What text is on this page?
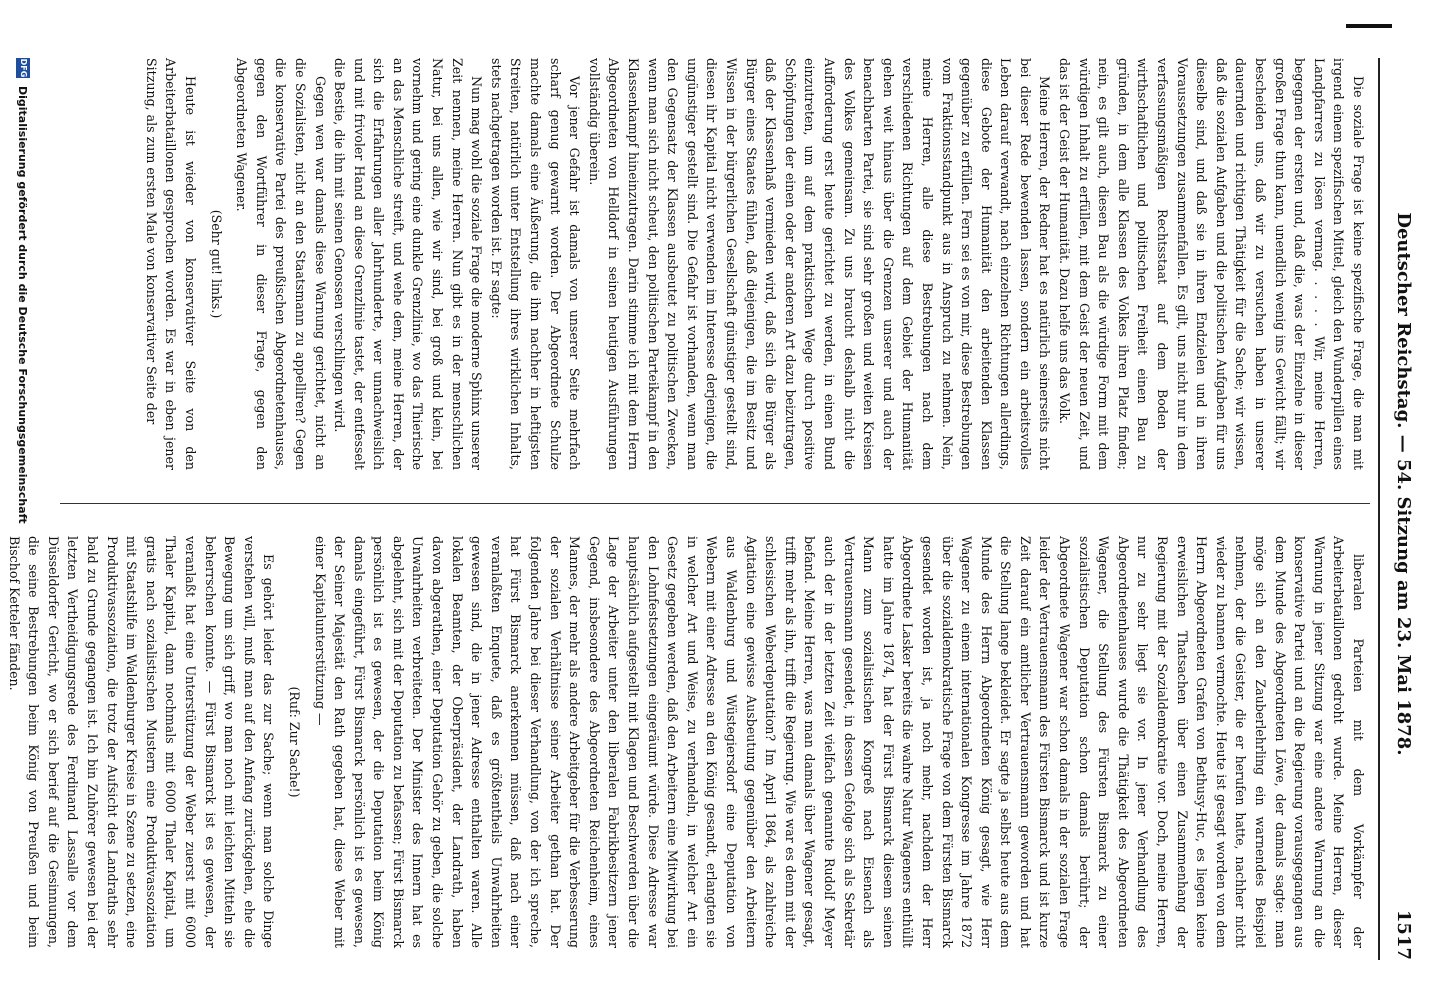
Deutscher Reichstag. — 54. Sitzung am 23. Mai 1878.
1517

Die soziale Frage ist keine spezifische Frage, die man mit irgend einem spezifischen Mittel, gleich den Wunderpillen eines Landpfarrers zu lösen vermag. . . . . Wir, meine Herren, begegnen der ersten und, daß die, was der Einzelne in dieser großen Frage thun kann, unendlich wenig ins Gewicht fällt; wir bescheiden uns, daß wir zu versuchen haben in unserer dauernden und richtigen Thätigkeit für die Sache; wir wissen, daß die sozialen Aufgaben und die politischen Aufgaben für uns dieselbe sind, und daß sie in ihren Endzielen und in ihren Voraussetzungen zusammenfallen. Es gilt, uns nicht nur in dem verfassungsmäßigen Rechtsstaat auf dem Boden der wirthschaftlichen und politischen Freiheit einen Bau zu gründen, in dem alle Klassen des Volkes ihren Platz finden; nein, es gilt auch, diesen Bau als die würdige Form mit dem würdigen Inhalt zu erfüllen, mit dem Geist der neuen Zeit, und das ist der Geist der Humanität. Dazu helfe uns das Volk.

Meine Herren, der Redner hat es natürlich seinerseits nicht bei dieser Rede bewenden lassen, sondern ein arbeitsvolles Leben darauf verwandt, nach einzelnen Richtungen allerdings, diese Gebote der Humanität den arbeitenden Klassen gegenüber zu erfüllen. Fern sei es von mir, diese Bestrebungen vom Fraktionsstandpunkt aus in Anspruch zu nehmen. Nein, meine Herren, alle diese Bestrebungen nach dem verschiedenen Richtungen auf dem Gebiet der Humanität gehen weit hinaus über die Grenzen unserer und auch der benachbarten Partei, sie sind sehr großen und weiten Kreisen des Volkes gemeinsam. Zu uns braucht deshalb nicht die Aufforderung erst heute gerichtet zu werden, in einen Bund einzutreten, um auf dem praktischen Wege durch positive Schöpfungen der einen oder der anderen Art dazu beizutragen, daß der Klassenhaß vermieden wird, daß sich die Bürger als Bürger eines Staates fühlen, daß diejenigen, die im Besitz und Wissen in der bürgerlichen Gesellschaft günstiger gestellt sind, diesen ihr Kapital nicht verwenden im Interesse derjenigen, die ungünstiger gestellt sind. Die Gefahr ist vorhanden, wenn man den Gegensatz der Klassen ausbeutet zu politischen Zwecken, wenn man sich nicht scheut, den politischen Parteikampf in den Klassenkampf hineinzutragen. Darin stimme ich mit dem Herrn Abgeordneten von Helldorf in seinen heutigen Ausführungen vollständig überein.

Vor jener Gefahr ist damals von unserer Seite mehrfach scharf genug gewarnt worden. Der Abgeordnete Schulze machte damals eine Äußerung, die ihm nachher in heftigsten Streiten, natürlich unter Entstellung ihres wirklichen Inhalts, stets nachgetragen worden ist. Er sagte:

Nun mag wohl die soziale Frage die moderne Sphinx unserer Zeit nennen, meine Herren. Nun gibt es in der menschlichen Natur, bei uns allen, wie wir sind, bei groß und klein, bei vornehm und gering eine dunkle Grenzlinie, wo das Thierische an das Menschliche streift, und wehe dem, meine Herren, der sich die Erfahrungen aller Jahrhunderte, wer unnachweislich und mit frivoler Hand an diese Grenzlinie tastet, der entfesselt die Bestie, die ihn mit seinen Genossen verschlingen wird.

Gegen wen war damals diese Warnung gerichtet, nicht an die Sozialisten, nicht an den Staatsmann zu appelliren? Gegen die konservative Partei des preußischen Abgeordnetenhauses, gegen den Wortführer in dieser Frage, gegen den Abgeordneten Wagener.

(Sehr gut! links.)

Heute ist wieder von konservativer Seite von den Arbeiterbataillonen gesprochen worden. Es war in eben jener Sitzung, als zum ersten Male von konservativer Seite der

liberalen Parteien mit dem Vorkämpfer der Arbeiterbataillonen gedroht wurde. Meine Herren, dieser Warnung in jener Sitzung war eine andere Warnung an die konservative Partei und an die Regierung vorausgegangen aus dem Munde des Abgeordneten Löwe, der damals sagte: man möge sich an den Zauberlehrling ein warnendes Beispiel nehmen, der die Geister, die er herufen hatte, nachher nicht wieder zu bannen vermochte. Heute ist gesagt worden von dem Herrn Abgeordneten Grafen von Bethusy-Huc, es liegen keine erweislichen Thatsachen über einen Zusammenhang der Regierung mit der Sozialdemokratie vor. Doch, meine Herren, nur zu sehr liegt sie vor. In jener Verhandlung des Abgeordnetenhauses wurde die Thätigkeit des Abgeordneten Wagener, die Stellung des Fürsten Bismarck zu einer sozialistischen Deputation schon damals berührt; der Abgeordnete Wagener war schon damals in der sozialen Frage leider der Vertrauensmann des Fürsten Bismarck und ist kurze Zeit darauf ein amtlicher Vertrauensmann geworden und hat die Stellung lange bekleidet. Er sagte ja selbst heute aus dem Munde des Herrn Abgeordneten König gesagt, wie Herr Wagener zu einem internationalen Kongresse im Jahre 1872 über die sozialdemokratische Frage von dem Fürsten Bismarck gesendet worden ist, ja noch mehr, nachdem der Herr Abgeordnete Lasker bereits die wahre Natur Wageners enthüllt hatte im Jahre 1874, hat der Fürst Bismarck diesem seinen Mann zum sozialistischen Kongreß nach Eisenach als Vertrauensmann gesendet, in dessen Gefolge sich als Sekretär auch der in der letzten Zeit vielfach genannte Rudolf Meyer befand. Meine Herren, was man damals über Wagener gesagt, trifft mehr als ihn, trifft die Regierung. Wie war es denn mit der schlesischen Weberdeputation? Im April 1864, als zahlreiche Agitation eine gewisse Ausbeutung gegenüber den Arbeitern aus Waldenburg und Wüstegiersdorf eine Deputation von Webern mit einer Adresse an den König gesandt, erlangten sie in welcher Art und Weise, zu verhandeln, in welcher Art ein Gesetz gegeben werden, daß den Arbeitern eine Mitwirkung bei den Lohnfestsetzungen eingeräumt würde. Diese Adresse war hauptsächlich aufgestellt mit Klagen und Beschwerden über die Lage der Arbeiter unter den liberalen Fabrikbesitzern jener Gegend, insbesondere des Abgeordneten Reichenheim, eines Mannes, der mehr als andere Arbeitgeber für die Verbesserung der sozialen Verhältnisse seiner Arbeiter gethan hat. Der folgenden Jahre bei dieser Verhandlung, von der ich spreche, hat Fürst Bismarck anerkennen müssen, daß nach einer veranlaßten Enquete, daß es größtentheils Unwahrheiten gewesen sind, die in jener Adresse enthalten waren. Alle lokalen Beamten, der Oberpräsident, der Landrath, haben davon abgerathen, einer Deputation Gehör zu geben, die solche Unwahrheiten verbreiteten. Der Minister des Innern hat es abgelehnt, sich mit der Deputation zu befassen; Fürst Bismarck persönlich ist es gewesen, der die Deputation beim König damals eingeführt, Fürst Bismarck persönlich ist es gewesen, der Seiner Majestät den Rath gegeben hat, diese Weber mit einer Kapitalunterstützung —

(Ruf: Zur Sache!)

Es gehört leider das zur Sache; wenn man solche Dinge verstehen will, muß man auf den Anfang zurückgehen, ehe die Bewegung um sich griff, wo man noch mit leichten Mitteln sie beherrschen konnte. — Fürst Bismarck ist es gewesen, der veranlaßt hat eine Unterstützung der Weber zuerst mit 6000 Thaler Kapital, dann nochmals mit 6000 Thaler Kapital, um gratis nach sozialistischen Mustern eine Produktivassoziation mit Staatshilfe im Waldenburger Kreise in Szene zu setzen, eine Produktivassoziation, die trotz der Aufsicht des Landraths sehr bald zu Grunde gegangen ist. Ich bin Zuhörer gewesen bei der letzten Vertheidigungsrede des Ferdinand Lassalle vor dem Düsseldorfer Gericht, wo er sich berief auf die Gesinnungen, die seine Bestrebungen beim König von Preußen und beim Bischof Ketteler fänden.

DFG
Digitalisierung gefördert durch die Deutsche Forschungsgemeinschaft
